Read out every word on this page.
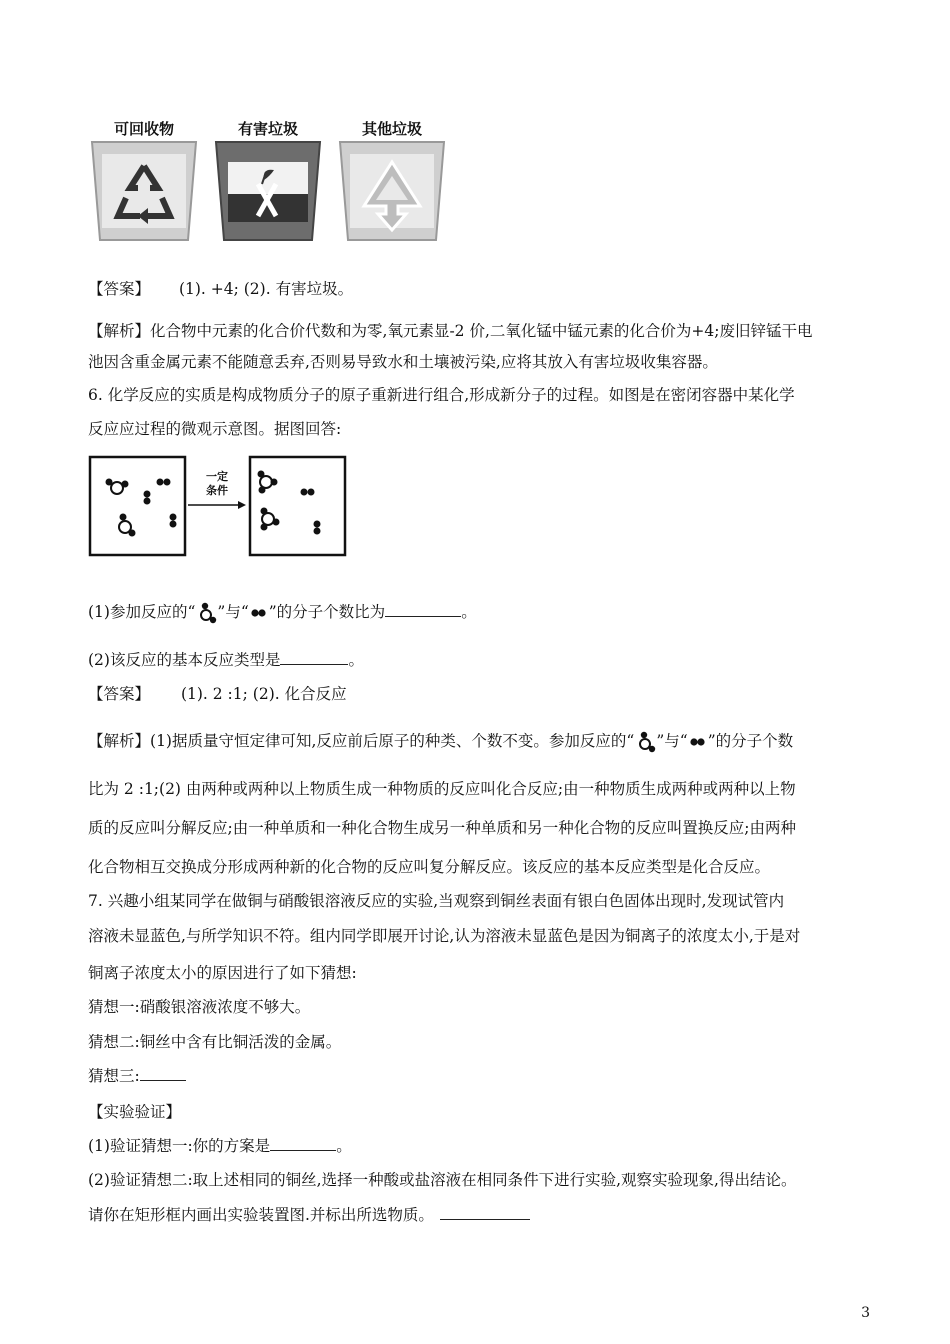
可回收物	有害垃圾	其他垃圾
【答案】 (1). +4; (2). 有害垃圾。
【解析】化合物中元素的化合价代数和为零,氧元素显-2 价,二氧化锰中锰元素的化合价为+4;废旧锌锰干电
池因含重金属元素不能随意丢弃,否则易导致水和土壤被污染,应将其放入有害垃圾收集容器。
6. 化学反应的实质是构成物质分子的原子重新进行组合,形成新分子的过程。如图是在密闭容器中某化学
反应应过程的微观示意图。据图回答:
一定
条件
(1)参加反应的“ ”与“ ”的分子个数比为	。
(2)该反应的基本反应类型是	。
【答案】 (1). 2 :1; (2). 化合反应
【解析】(1)据质量守恒定律可知,反应前后原子的种类、个数不变。参加反应的“ ”与“ ”的分子个数
比为 2 :1;(2) 由两种或两种以上物质生成一种物质的反应叫化合反应;由一种物质生成两种或两种以上物
质的反应叫分解反应;由一种单质和一种化合物生成另一种单质和另一种化合物的反应叫置换反应;由两种
化合物相互交换成分形成两种新的化合物的反应叫复分解反应。该反应的基本反应类型是化合反应。
7. 兴趣小组某同学在做铜与硝酸银溶液反应的实验,当观察到铜丝表面有银白色固体出现时,发现试管内
溶液未显蓝色,与所学知识不符。组内同学即展开讨论,认为溶液未显蓝色是因为铜离子的浓度太小,于是对
铜离子浓度太小的原因进行了如下猜想:
猜想一:硝酸银溶液浓度不够大。
猜想二:铜丝中含有比铜活泼的金属。
猜想三:
【实验验证】
(1)验证猜想一:你的方案是	。
(2)验证猜想二:取上述相同的铜丝,选择一种酸或盐溶液在相同条件下进行实验,观察实验现象,得出结论。
请你在矩形框内画出实验装置图.并标出所选物质。
3
